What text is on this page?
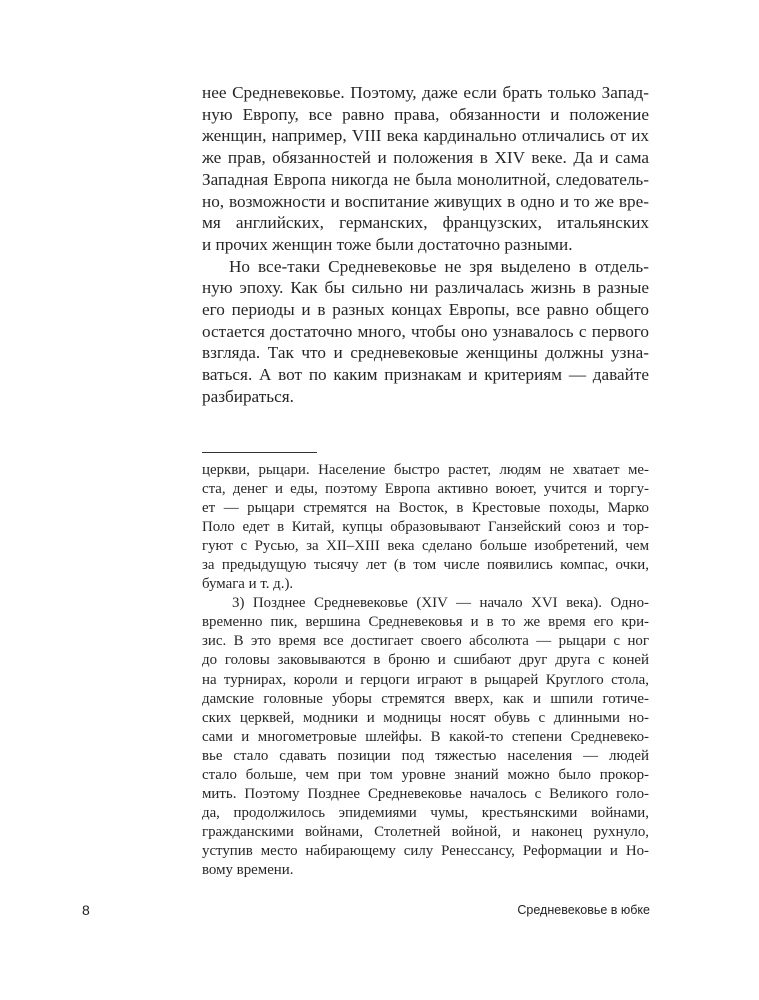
нее Средневековье. Поэтому, даже если брать только Запад-
ную Европу, все равно права, обязанности и положение
женщин, например, VIII века кардинально отличались от их
же прав, обязанностей и положения в XIV веке. Да и сама
Западная Европа никогда не была монолитной, следователь-
но, возможности и воспитание живущих в одно и то же вре-
мя английских, германских, французских, итальянских
и прочих женщин тоже были достаточно разными.
Но все-таки Средневековье не зря выделено в отдель-
ную эпоху. Как бы сильно ни различалась жизнь в разные
его периоды и в разных концах Европы, все равно общего
остается достаточно много, чтобы оно узнавалось с первого
взгляда. Так что и средневековые женщины должны узна-
ваться. А вот по каким признакам и критериям — давайте
разбираться.
церкви, рыцари. Население быстро растет, людям не хватает ме-
ста, денег и еды, поэтому Европа активно воюет, учится и торгу-
ет — рыцари стремятся на Восток, в Крестовые походы, Марко
Поло едет в Китай, купцы образовывают Ганзейский союз и тор-
гуют с Русью, за XII–XIII века сделано больше изобретений, чем
за предыдущую тысячу лет (в том числе появились компас, очки,
бумага и т. д.).
3) Позднее Средневековье (XIV — начало XVI века). Одно-
временно пик, вершина Средневековья и в то же время его кри-
зис. В это время все достигает своего абсолюта — рыцари с ног
до головы заковываются в броню и сшибают друг друга с коней
на турнирах, короли и герцоги играют в рыцарей Круглого стола,
дамские головные уборы стремятся вверх, как и шпили готиче-
ских церквей, модники и модницы носят обувь с длинными но-
сами и многометровые шлейфы. В какой-то степени Средневеко-
вье стало сдавать позиции под тяжестью населения — людей
стало больше, чем при том уровне знаний можно было прокор-
мить. Поэтому Позднее Средневековье началось с Великого голо-
да, продолжилось эпидемиями чумы, крестьянскими войнами,
гражданскими войнами, Столетней войной, и наконец рухнуло,
уступив место набирающему силу Ренессансу, Реформации и Но-
вому времени.
8	Средневековье в юбке
